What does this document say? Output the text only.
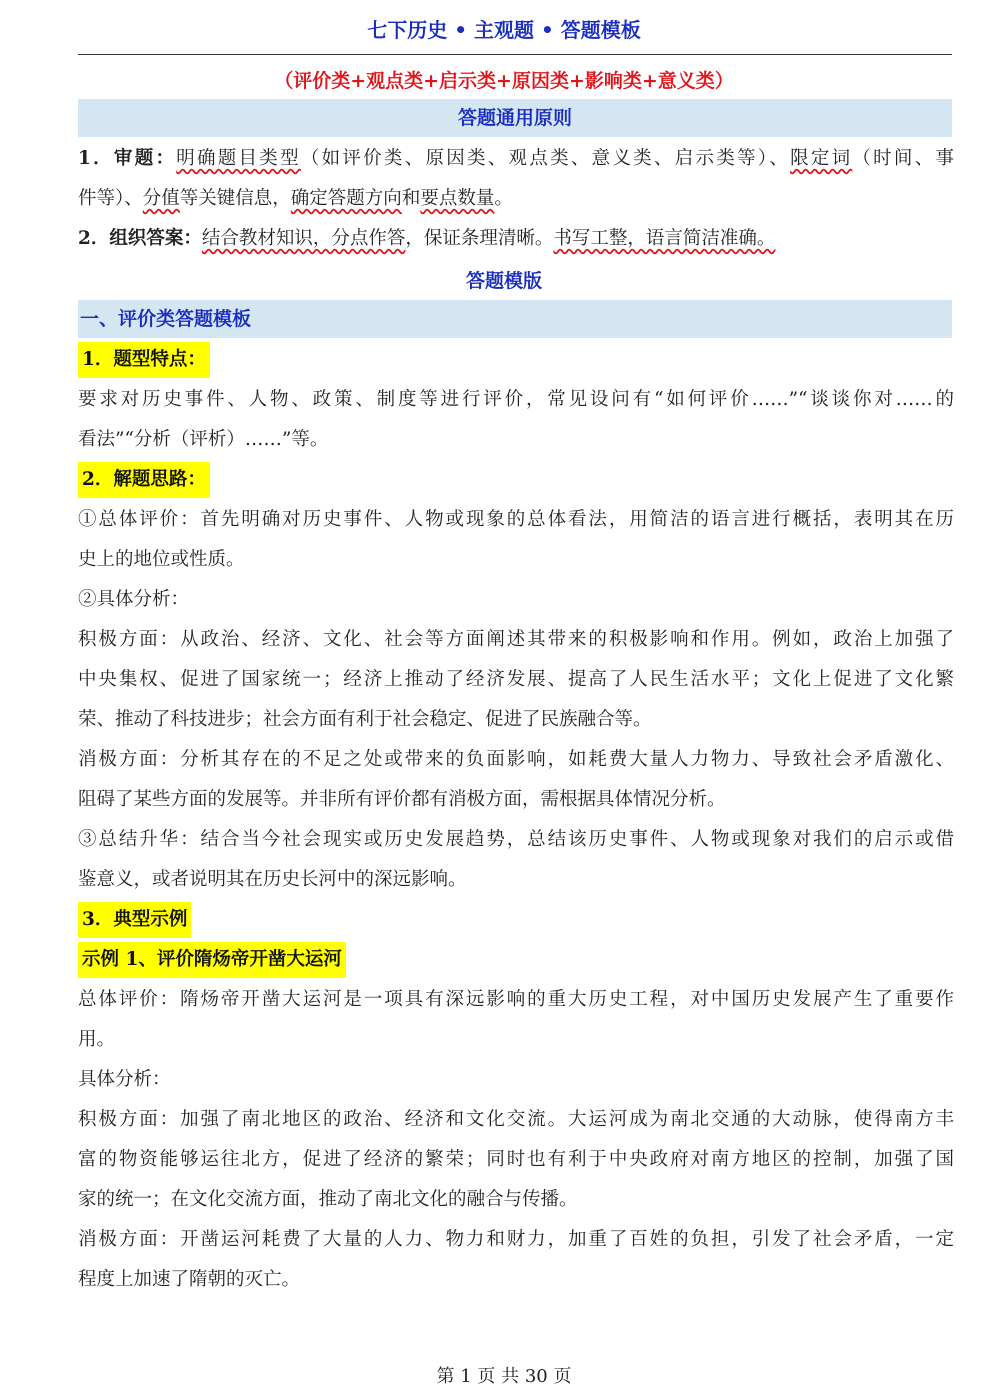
七下历史 • 主观题 • 答题模板
（评价类+观点类+启示类+原因类+影响类+意义类）
答题通用原则
1．审题：明确题目类型（如评价类、原因类、观点类、意义类、启示类等）、限定词（时间、事
件等）、分值等关键信息，确定答题方向和要点数量。
2．组织答案：结合教材知识，分点作答，保证条理清晰。书写工整，语言简洁准确。
答题模版
一、评价类答题模板
1．题型特点：
要求对历史事件、人物、政策、制度等进行评价，常见设问有“如何评价……”“谈谈你对……的
看法”“分析（评析）……”等。
2．解题思路：
①总体评价：首先明确对历史事件、人物或现象的总体看法，用简洁的语言进行概括，表明其在历
史上的地位或性质。
②具体分析：
积极方面：从政治、经济、文化、社会等方面阐述其带来的积极影响和作用。例如，政治上加强了
中央集权、促进了国家统一；经济上推动了经济发展、提高了人民生活水平；文化上促进了文化繁
荣、推动了科技进步；社会方面有利于社会稳定、促进了民族融合等。
消极方面：分析其存在的不足之处或带来的负面影响，如耗费大量人力物力、导致社会矛盾激化、
阻碍了某些方面的发展等。并非所有评价都有消极方面，需根据具体情况分析。
③总结升华：结合当今社会现实或历史发展趋势，总结该历史事件、人物或现象对我们的启示或借
鉴意义，或者说明其在历史长河中的深远影响。
3．典型示例
示例 1、评价隋炀帝开凿大运河
总体评价：隋炀帝开凿大运河是一项具有深远影响的重大历史工程，对中国历史发展产生了重要作
用。
具体分析：
积极方面：加强了南北地区的政治、经济和文化交流。大运河成为南北交通的大动脉，使得南方丰
富的物资能够运往北方，促进了经济的繁荣；同时也有利于中央政府对南方地区的控制，加强了国
家的统一；在文化交流方面，推动了南北文化的融合与传播。
消极方面：开凿运河耗费了大量的人力、物力和财力，加重了百姓的负担，引发了社会矛盾，一定
程度上加速了隋朝的灭亡。
第 1 页 共 30 页
